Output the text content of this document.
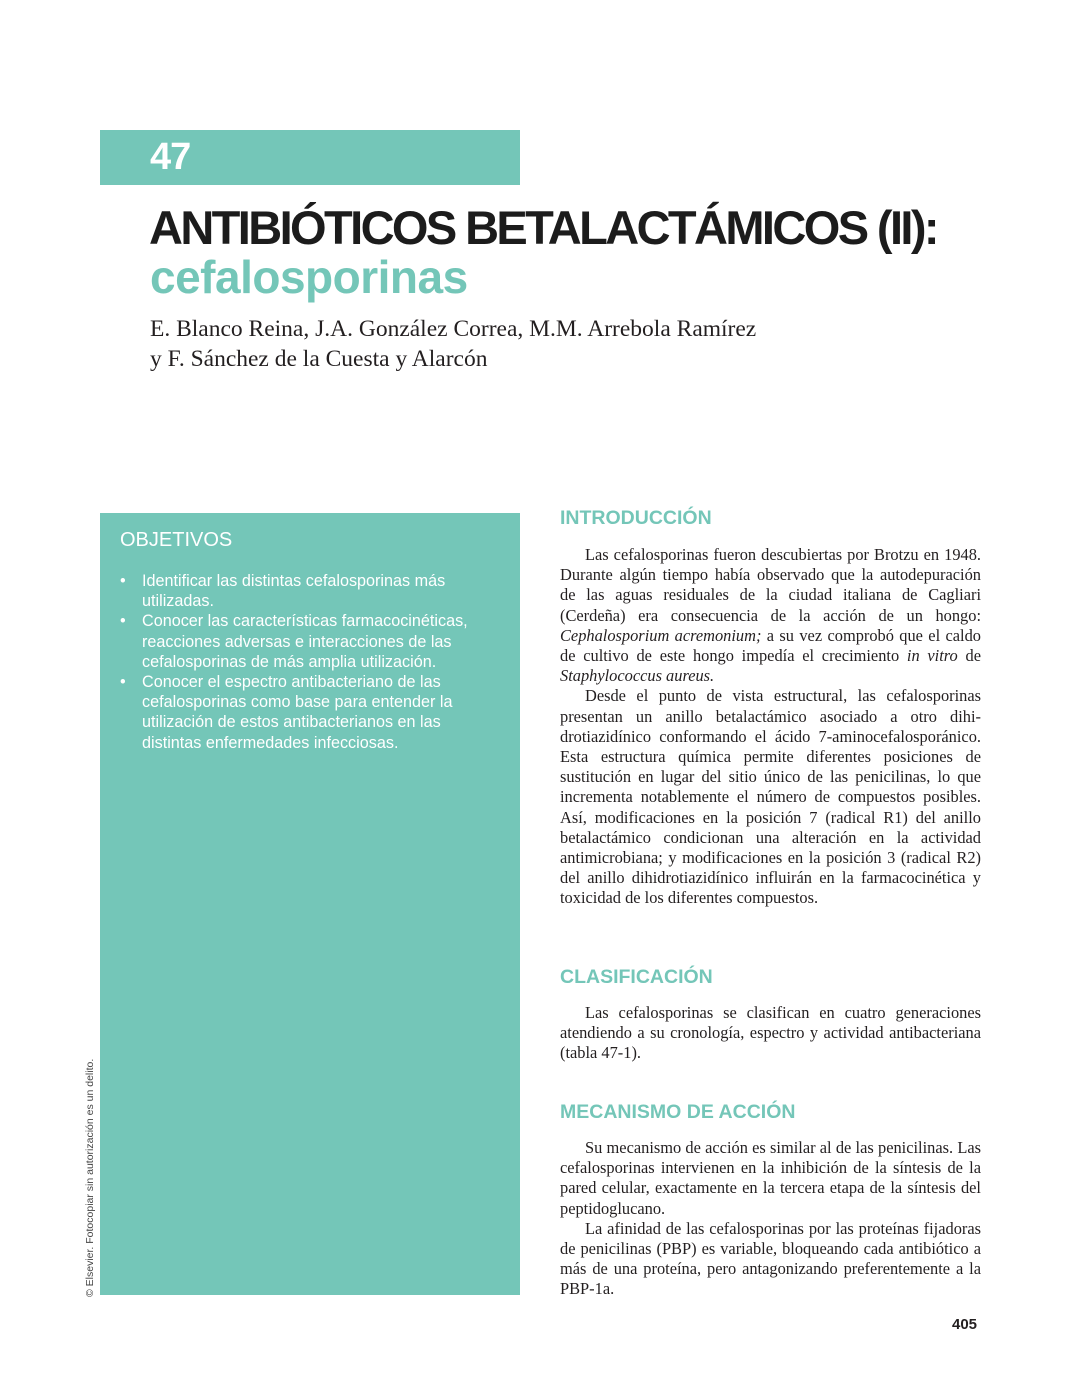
47
ANTIBIÓTICOS BETALACTÁMICOS (II):
cefalosporinas
E. Blanco Reina, J.A. González Correa, M.M. Arrebola Ramírez
y F. Sánchez de la Cuesta y Alarcón
OBJETIVOS
• Identificar las distintas cefalosporinas más utilizadas.
• Conocer las características farmacocinéticas, reacciones adversas e interacciones de las cefalosporinas de más amplia utilización.
• Conocer el espectro antibacteriano de las cefalosporinas como base para entender la utilización de estos antibacterianos en las distintas enfermedades infecciosas.
INTRODUCCIÓN

Las cefalosporinas fueron descubiertas por Brotzu en 1948. Durante algún tiempo había observado que la autodepuración de las aguas residuales de la ciudad italiana de Cagliari (Cerdeña) era consecuencia de la acción de un hongo: Cephalosporium acremonium; a su vez comprobó que el caldo de cultivo de este hongo impedía el crecimiento in vitro de Staphylococcus aureus.

Desde el punto de vista estructural, las cefalosporinas presentan un anillo betalactámico asociado a otro dihidrotiazidínico conformando el ácido 7-aminocefalosporánico. Esta estructura química permite diferentes posiciones de sustitución en lugar del sitio único de las penicilinas, lo que incrementa notablemente el número de compuestos posibles. Así, modificaciones en la posición 7 (radical R1) del anillo betalactámico condicionan una alteración en la actividad antimicrobiana; y modificaciones en la posición 3 (radical R2) del anillo dihidrotiazidínico influirán en la farmacocinética y toxicidad de los diferentes compuestos.

CLASIFICACIÓN

Las cefalosporinas se clasifican en cuatro generaciones atendiendo a su cronología, espectro y actividad antibacteriana (tabla 47-1).

MECANISMO DE ACCIÓN

Su mecanismo de acción es similar al de las penicilinas. Las cefalosporinas intervienen en la inhibición de la síntesis de la pared celular, exactamente en la tercera etapa de la síntesis del peptidoglucano.

La afinidad de las cefalosporinas por las proteínas fijadoras de penicilinas (PBP) es variable, bloqueando cada antibiótico a más de una proteína, pero antagonizando preferentemente a la PBP-1a.

© Elsevier. Fotocopiar sin autorización es un delito.
405
